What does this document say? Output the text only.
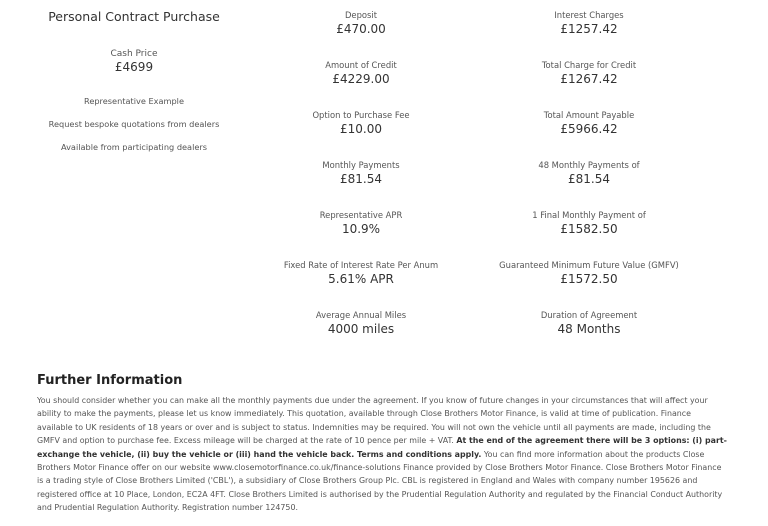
Personal Contract Purchase
Cash Price
£4699
Representative Example
Request bespoke quotations from dealers
Available from participating dealers
Deposit
£470.00
Amount of Credit
£4229.00
Option to Purchase Fee
£10.00
Monthly Payments
£81.54
Representative APR
10.9%
Fixed Rate of Interest Rate Per Anum
5.61% APR
Average Annual Miles
4000 miles
Interest Charges
£1257.42
Total Charge for Credit
£1267.42
Total Amount Payable
£5966.42
48 Monthly Payments of
£81.54
1 Final Monthly Payment of
£1582.50
Guaranteed Minimum Future Value (GMFV)
£1572.50
Duration of Agreement
48 Months
Further Information

You should consider whether you can make all the monthly payments due under the agreement. If you know of future changes in your circumstances that will affect your ability to make the payments, please let us know immediately. This quotation, available through Close Brothers Motor Finance, is valid at time of publication. Finance available to UK residents of 18 years or over and is subject to status. Indemnities may be required. You will not own the vehicle until all payments are made, including the GMFV and option to purchase fee. Excess mileage will be charged at the rate of 10 pence per mile + VAT. At the end of the agreement there will be 3 options: (i) part-exchange the vehicle, (ii) buy the vehicle or (iii) hand the vehicle back. Terms and conditions apply. You can find more information about the products Close Brothers Motor Finance offer on our website www.closemotorfinance.co.uk/finance-solutions Finance provided by Close Brothers Motor Finance. Close Brothers Motor Finance is a trading style of Close Brothers Limited ('CBL'), a subsidiary of Close Brothers Group Plc. CBL is registered in England and Wales with company number 195626 and registered office at 10 Place, London, EC2A 4FT. Close Brothers Limited is authorised by the Prudential Regulation Authority and regulated by the Financial Conduct Authority and Prudential Regulation Authority. Registration number 124750.
